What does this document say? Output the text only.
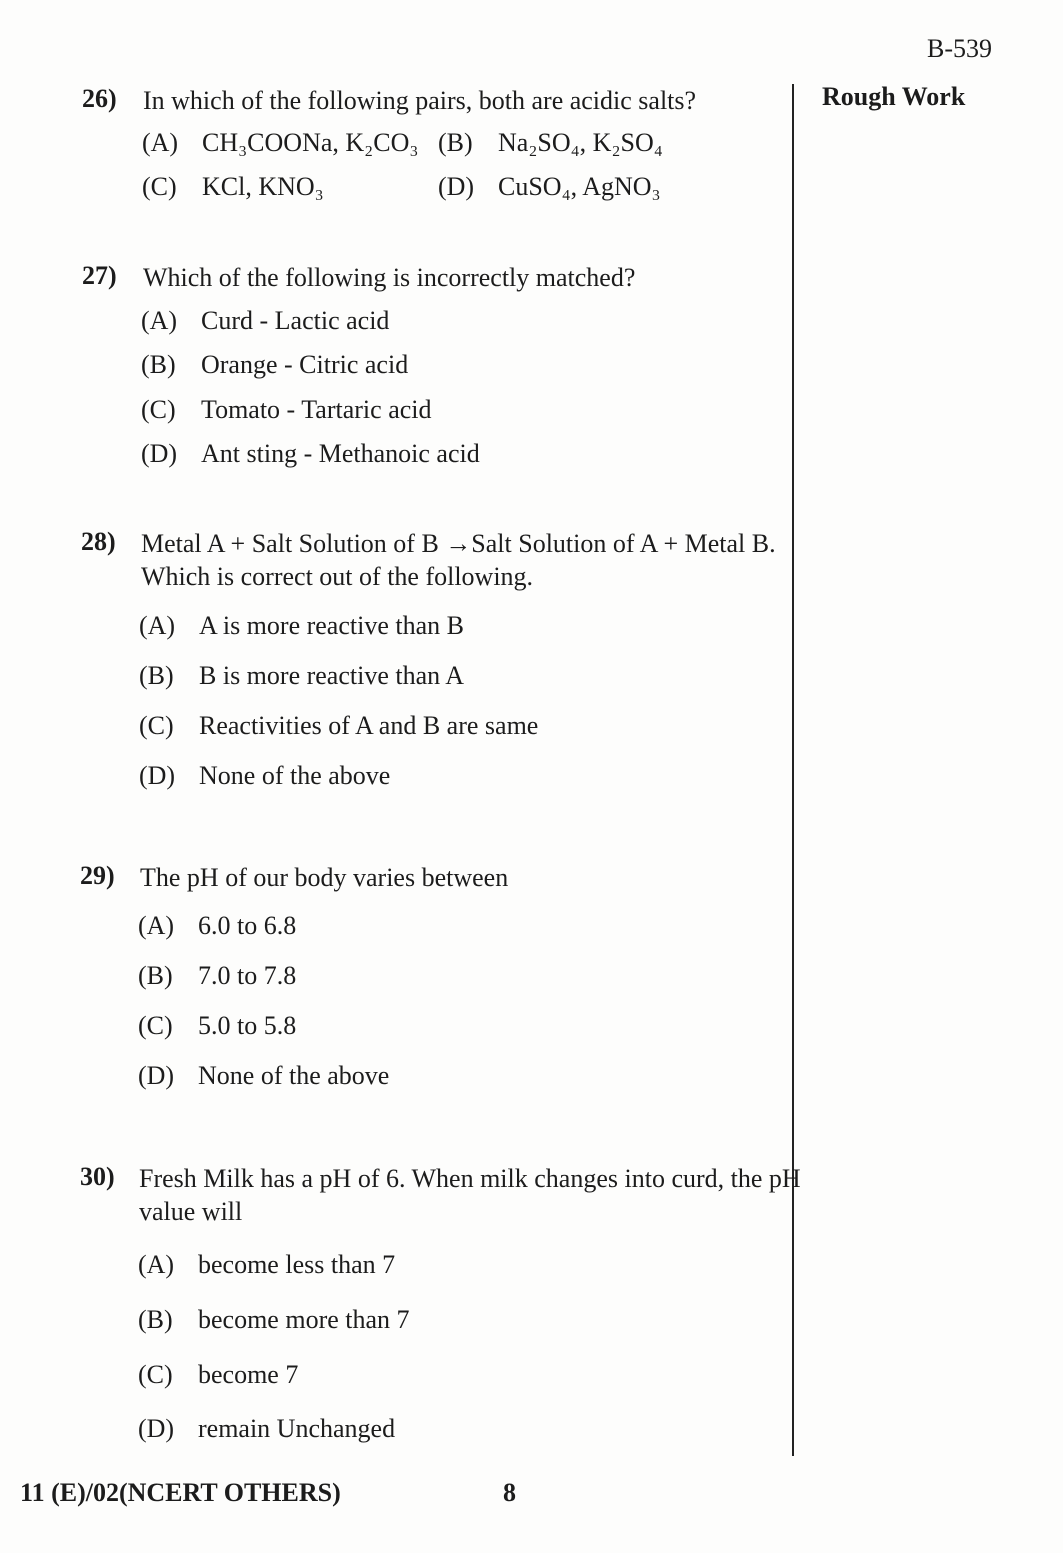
B-539
Rough Work
26) In which of the following pairs, both are acidic salts?
(A) CH₃COONa, K₂CO₃ (B) Na₂SO₄, K₂SO₄
(C) KCl, KNO₃	(D) CuSO₄, AgNO₃
27) Which of the following is incorrectly matched?
(A) Curd - Lactic acid
(B) Orange - Citric acid
(C) Tomato - Tartaric acid
(D) Ant sting - Methanoic acid
28) Metal A + Salt Solution of B →Salt Solution of A + Metal B.
Which is correct out of the following.
(A) A is more reactive than B
(B) B is more reactive than A
(C) Reactivities of A and B are same
(D) None of the above
29) The pH of our body varies between
(A) 6.0 to 6.8
(B) 7.0 to 7.8
(C) 5.0 to 5.8
(D) None of the above
30) Fresh Milk has a pH of 6. When milk changes into curd, the pH
value will
(A) become less than 7
(B) become more than 7
(C) become 7
(D) remain Unchanged
11 (E)/02(NCERT OTHERS)	8
